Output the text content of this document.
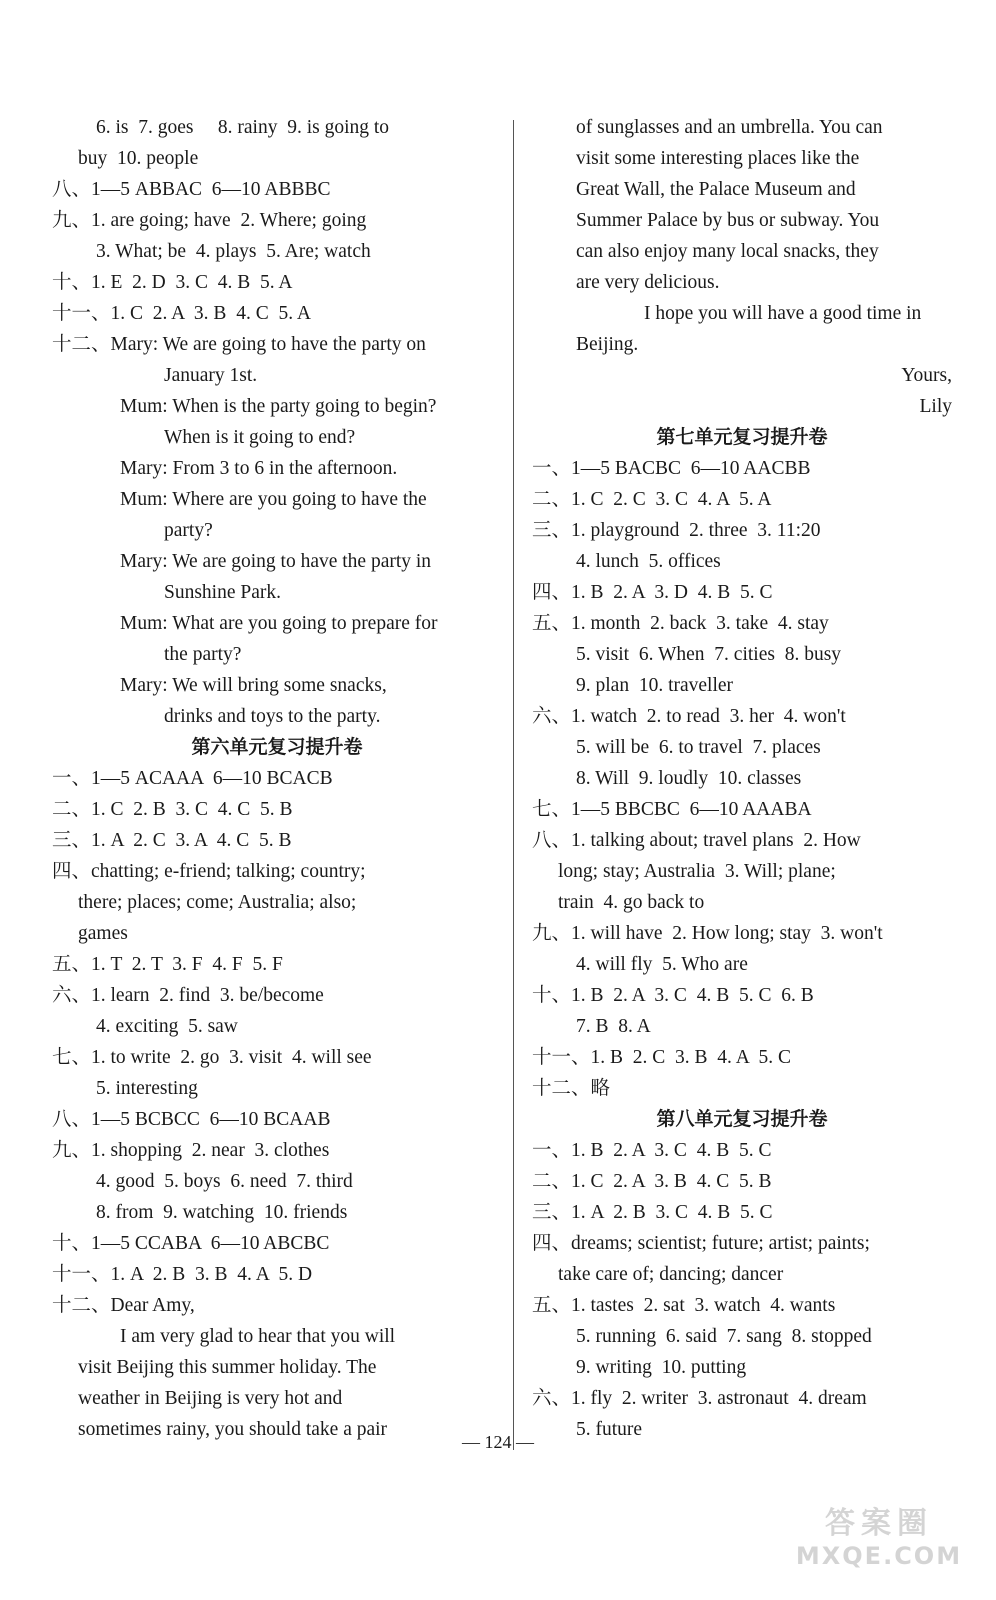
6. is  7. goes     8. rainy  9. is going to
buy  10. people
八、1—5 ABBAC  6—10 ABBBC
九、1. are going; have  2. Where; going
3. What; be  4. plays  5. Are; watch
十、1. E  2. D  3. C  4. B  5. A
十一、1. C  2. A  3. B  4. C  5. A
十二、Mary: We are going to have the party on
January 1st.
Mum: When is the party going to begin?
When is it going to end?
Mary: From 3 to 6 in the afternoon.
Mum: Where are you going to have the
party?
Mary: We are going to have the party in
Sunshine Park.
Mum: What are you going to prepare for
the party?
Mary: We will bring some snacks,
drinks and toys to the party.
第六单元复习提升卷
一、1—5 ACAAA  6—10 BCACB
二、1. C  2. B  3. C  4. C  5. B
三、1. A  2. C  3. A  4. C  5. B
四、chatting; e-friend; talking; country;
there; places; come; Australia; also;
games
五、1. T  2. T  3. F  4. F  5. F
六、1. learn  2. find  3. be/become
4. exciting  5. saw
七、1. to write  2. go  3. visit  4. will see
5. interesting
八、1—5 BCBCC  6—10 BCAAB
九、1. shopping  2. near  3. clothes
4. good  5. boys  6. need  7. third
8. from  9. watching  10. friends
十、1—5 CCABA  6—10 ABCBC
十一、1. A  2. B  3. B  4. A  5. D
十二、Dear Amy,
I am very glad to hear that you will
visit Beijing this summer holiday. The
weather in Beijing is very hot and
sometimes rainy, you should take a pair
of sunglasses and an umbrella. You can
visit some interesting places like the
Great Wall, the Palace Museum and
Summer Palace by bus or subway. You
can also enjoy many local snacks, they
are very delicious.
I hope you will have a good time in
Beijing.
Yours,
Lily
第七单元复习提升卷
一、1—5 BACBC  6—10 AACBB
二、1. C  2. C  3. C  4. A  5. A
三、1. playground  2. three  3. 11:20
4. lunch  5. offices
四、1. B  2. A  3. D  4. B  5. C
五、1. month  2. back  3. take  4. stay
5. visit  6. When  7. cities  8. busy
9. plan  10. traveller
六、1. watch  2. to read  3. her  4. won't
5. will be  6. to travel  7. places
8. Will  9. loudly  10. classes
七、1—5 BBCBC  6—10 AAABA
八、1. talking about; travel plans  2. How
long; stay; Australia  3. Will; plane;
train  4. go back to
九、1. will have  2. How long; stay  3. won't
4. will fly  5. Who are
十、1. B  2. A  3. C  4. B  5. C  6. B
7. B  8. A
十一、1. B  2. C  3. B  4. A  5. C
十二、略
第八单元复习提升卷
一、1. B  2. A  3. C  4. B  5. C
二、1. C  2. A  3. B  4. C  5. B
三、1. A  2. B  3. C  4. B  5. C
四、dreams; scientist; future; artist; paints;
take care of; dancing; dancer
五、1. tastes  2. sat  3. watch  4. wants
5. running  6. said  7. sang  8. stopped
9. writing  10. putting
六、1. fly  2. writer  3. astronaut  4. dream
5. future
— 124 —
答案圈
MXQE.COM
